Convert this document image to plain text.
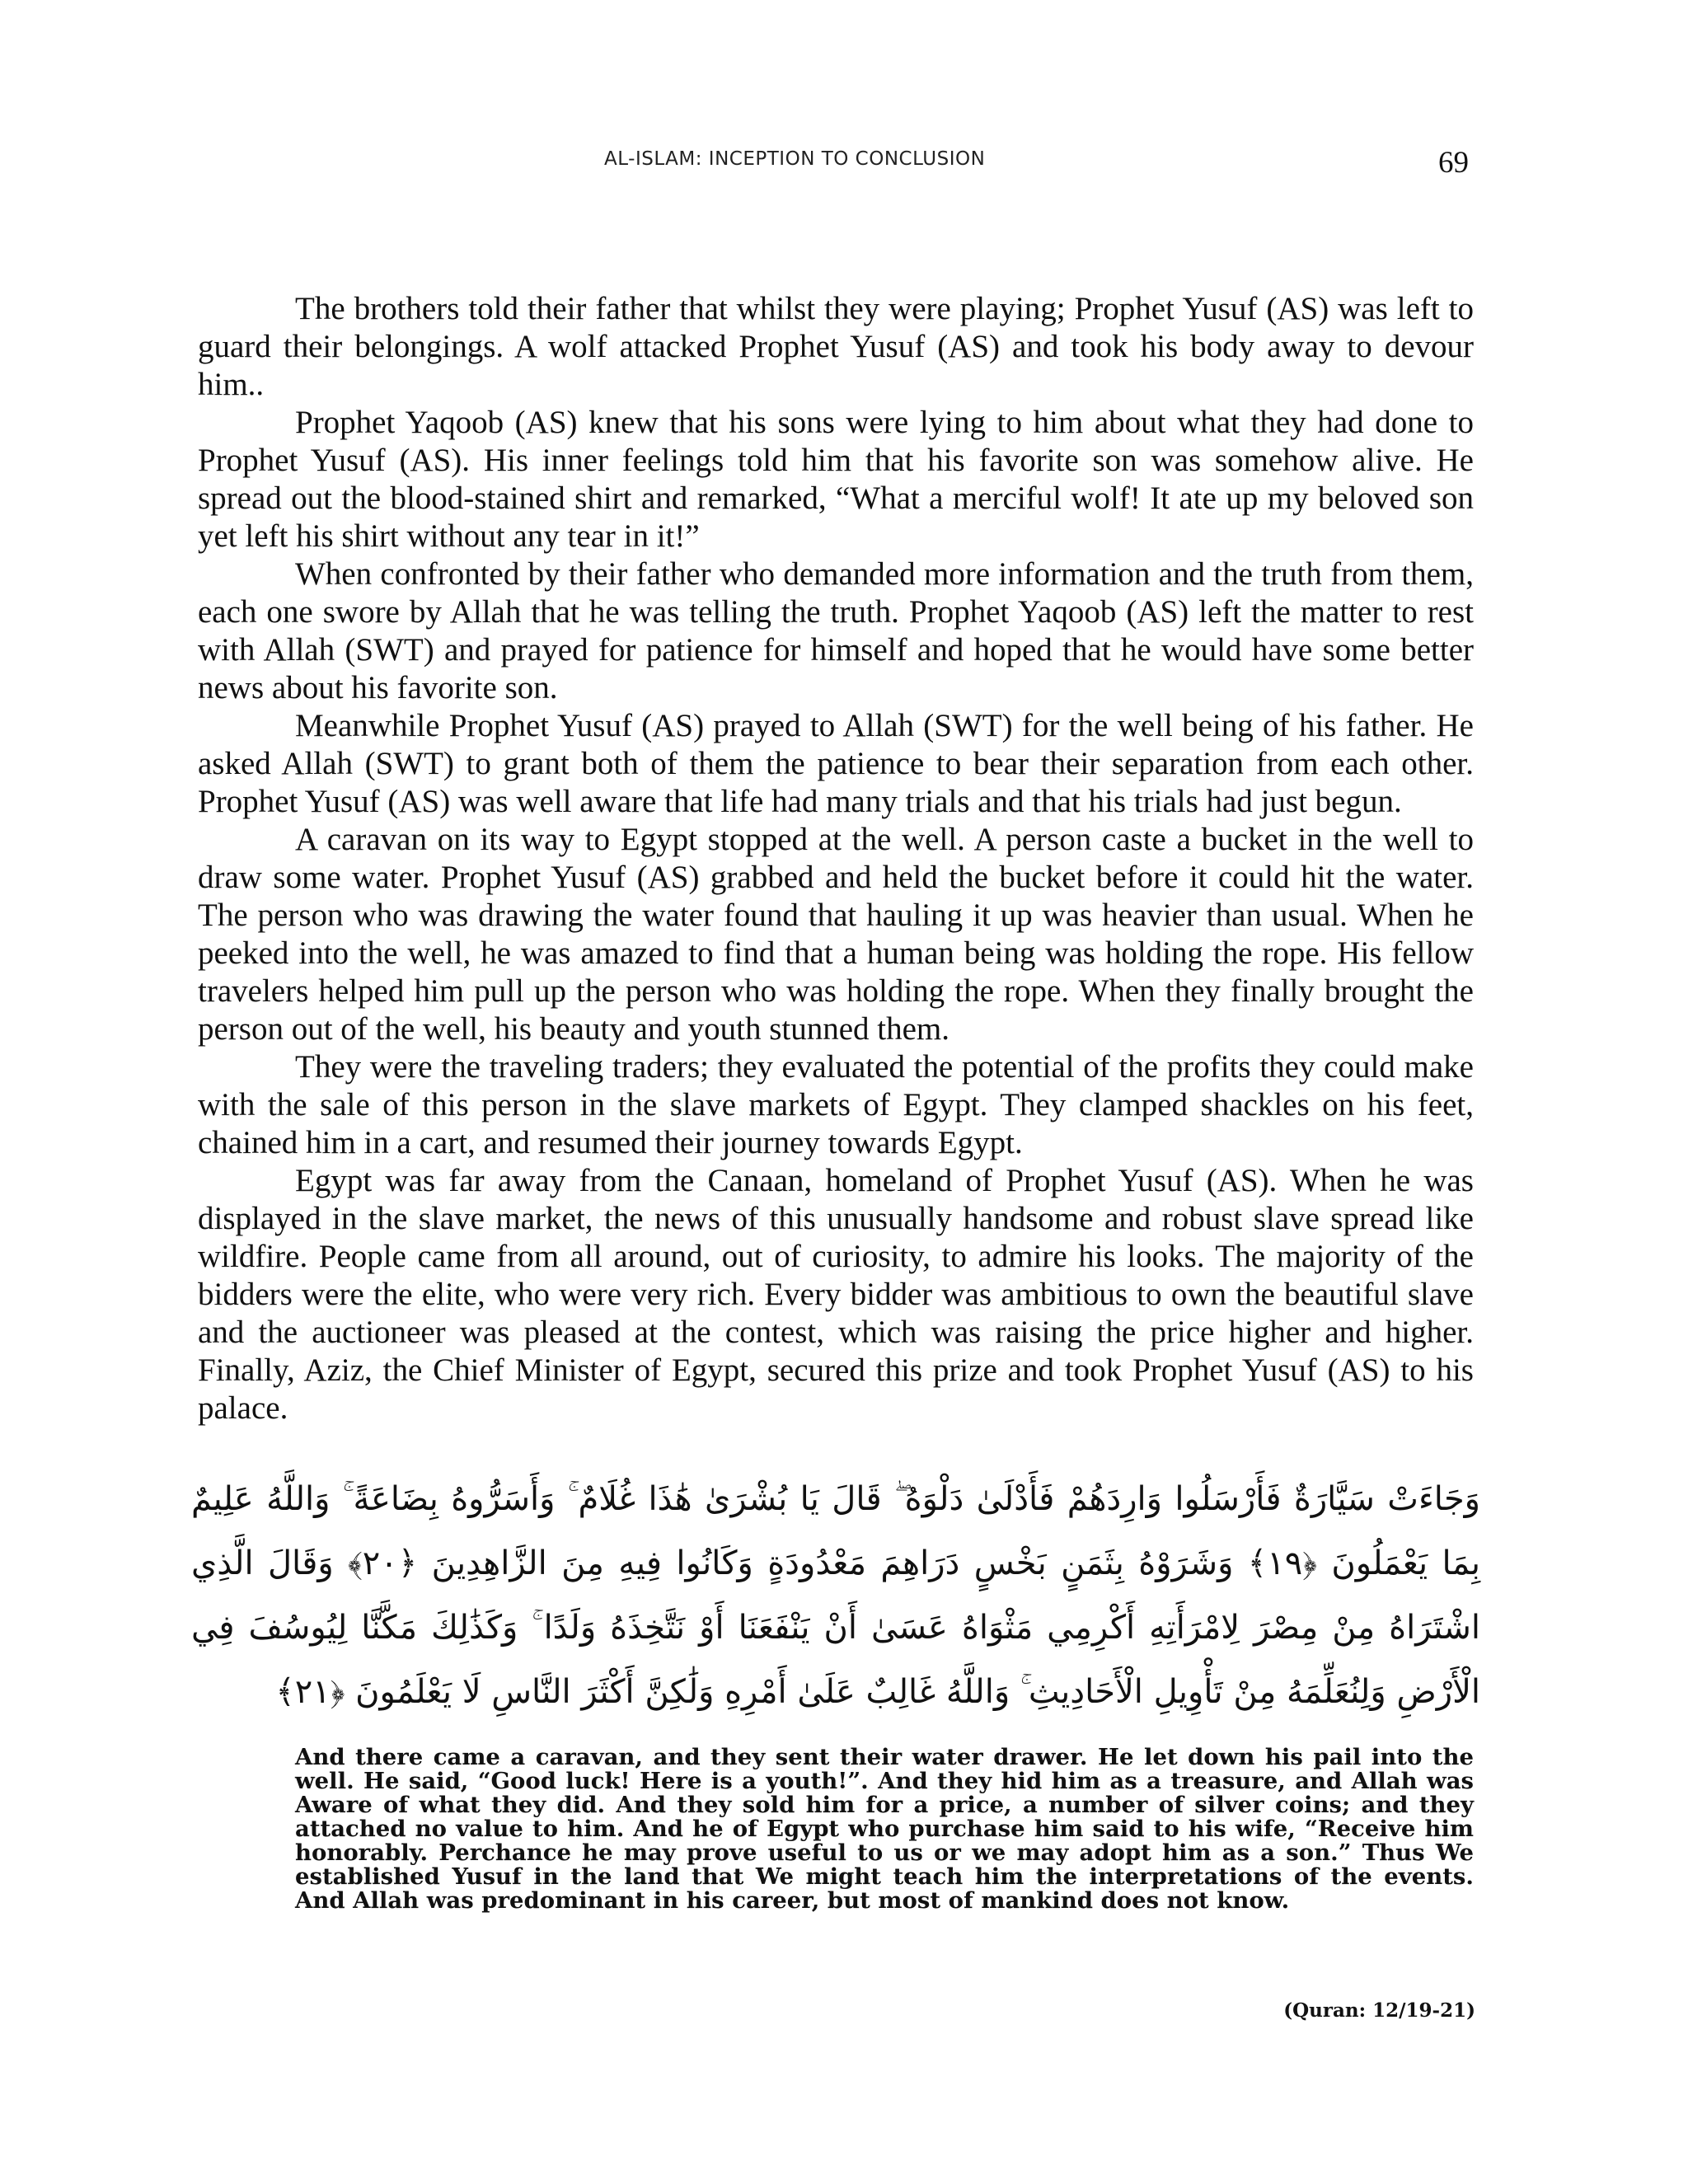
AL-ISLAM: INCEPTION TO CONCLUSION	69

The brothers told their father that whilst they were playing; Prophet Yusuf (AS) was left to guard their belongings. A wolf attacked Prophet Yusuf (AS) and took his body away to devour him..

Prophet Yaqoob (AS) knew that his sons were lying to him about what they had done to Prophet Yusuf (AS). His inner feelings told him that his favorite son was somehow alive. He spread out the blood-stained shirt and remarked, “What a merciful wolf! It ate up my beloved son yet left his shirt without any tear in it!”

When confronted by their father who demanded more information and the truth from them, each one swore by Allah that he was telling the truth. Prophet Yaqoob (AS) left the matter to rest with Allah (SWT) and prayed for patience for himself and hoped that he would have some better news about his favorite son.

Meanwhile Prophet Yusuf (AS) prayed to Allah (SWT) for the well being of his father. He asked Allah (SWT) to grant both of them the patience to bear their separation from each other. Prophet Yusuf (AS) was well aware that life had many trials and that his trials had just begun.

A caravan on its way to Egypt stopped at the well. A person caste a bucket in the well to draw some water. Prophet Yusuf (AS) grabbed and held the bucket before it could hit the water. The person who was drawing the water found that hauling it up was heavier than usual. When he peeked into the well, he was amazed to find that a human being was holding the rope. His fellow travelers helped him pull up the person who was holding the rope. When they finally brought the person out of the well, his beauty and youth stunned them.

They were the traveling traders; they evaluated the potential of the profits they could make with the sale of this person in the slave markets of Egypt. They clamped shackles on his feet, chained him in a cart, and resumed their journey towards Egypt.

Egypt was far away from the Canaan, homeland of Prophet Yusuf (AS). When he was displayed in the slave market, the news of this unusually handsome and robust slave spread like wildfire. People came from all around, out of curiosity, to admire his looks. The majority of the bidders were the elite, who were very rich. Every bidder was ambitious to own the beautiful slave and the auctioneer was pleased at the contest, which was raising the price higher and higher. Finally, Aziz, the Chief Minister of Egypt, secured this prize and took Prophet Yusuf (AS) to his palace.

وَجَاءَتْ سَيَّارَةٌ فَأَرْسَلُوا وَارِدَهُمْ فَأَدْلَىٰ دَلْوَهُ ۖ قَالَ يَا بُشْرَىٰ هَٰذَا غُلَامٌ ۚ وَأَسَرُّوهُ بِضَاعَةً ۚ وَاللَّهُ عَلِيمٌ بِمَا يَعْمَلُونَ ﴿١٩﴾ وَشَرَوْهُ بِثَمَنٍ بَخْسٍ دَرَاهِمَ مَعْدُودَةٍ وَكَانُوا فِيهِ مِنَ الزَّاهِدِينَ ﴿٢٠﴾ وَقَالَ الَّذِي اشْتَرَاهُ مِنْ مِصْرَ لِامْرَأَتِهِ أَكْرِمِي مَثْوَاهُ عَسَىٰ أَنْ يَنْفَعَنَا أَوْ نَتَّخِذَهُ وَلَدًا ۚ وَكَذَٰلِكَ مَكَّنَّا لِيُوسُفَ فِي الْأَرْضِ وَلِنُعَلِّمَهُ مِنْ تَأْوِيلِ الْأَحَادِيثِ ۚ وَاللَّهُ غَالِبٌ عَلَىٰ أَمْرِهِ وَلَٰكِنَّ أَكْثَرَ النَّاسِ لَا يَعْلَمُونَ ﴿٢١﴾
And there came a caravan, and they sent their water drawer. He let down his pail into the well. He said, “Good luck! Here is a youth!”. And they hid him as a treasure, and Allah was Aware of what they did. And they sold him for a price, a number of silver coins; and they attached no value to him. And he of Egypt who purchase him said to his wife, “Receive him honorably. Perchance he may prove useful to us or we may adopt him as a son.” Thus We established Yusuf in the land that We might teach him the interpretations of the events. And Allah was predominant in his career, but most of mankind does not know.
(Quran: 12/19-21)
